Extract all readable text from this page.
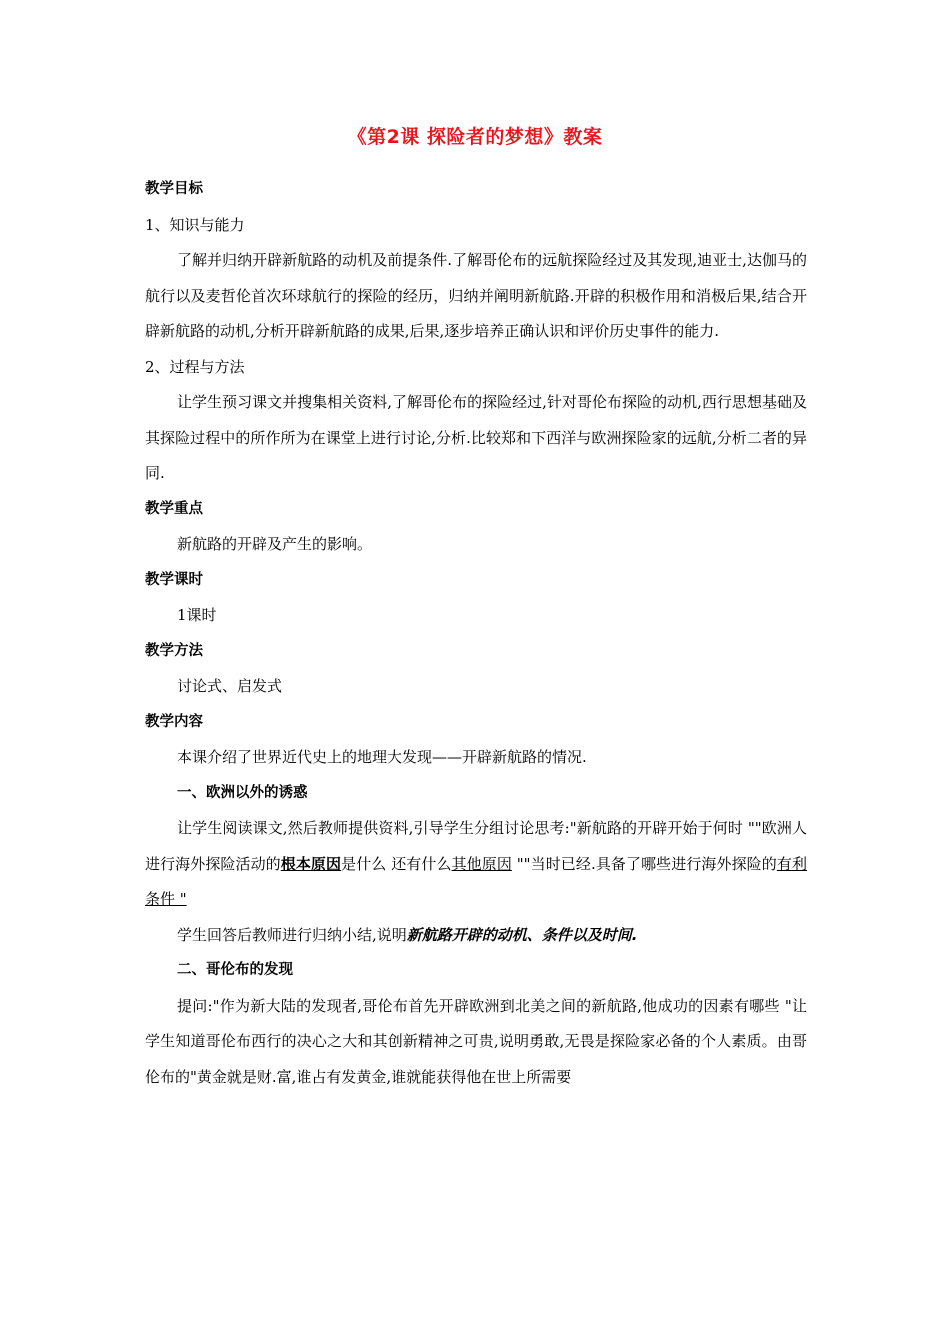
《第2课 探险者的梦想》教案
教学目标
1、知识与能力

了解并归纳开辟新航路的动机及前提条件.了解哥伦布的远航探险经过及其发现,迪亚士,达伽马的航行以及麦哲伦首次环球航行的探险的经历，归纳并阐明新航路.开辟的积极作用和消极后果,结合开辟新航路的动机,分析开辟新航路的成果,后果,逐步培养正确认识和评价历史事件的能力.

2、过程与方法

让学生预习课文并搜集相关资料,了解哥伦布的探险经过,针对哥伦布探险的动机,西行思想基础及其探险过程中的所作所为在课堂上进行讨论,分析.比较郑和下西洋与欧洲探险家的远航,分析二者的异同.

教学重点
新航路的开辟及产生的影响。
教学课时
1课时
教学方法
讨论式、启发式
教学内容

本课介绍了世界近代史上的地理大发现——开辟新航路的情况.

一、欧洲以外的诱惑

让学生阅读课文,然后教师提供资料,引导学生分组讨论思考:"新航路的开辟开始于何时 ""欧洲人进行海外探险活动的根本原因是什么 还有什么其他原因 ""当时已经.具备了哪些进行海外探险的有利条件 "

学生回答后教师进行归纳小结,说明新航路开辟的动机、条件以及时间.

二、哥伦布的发现

提问:"作为新大陆的发现者,哥伦布首先开辟欧洲到北美之间的新航路,他成功的因素有哪些 "让学生知道哥伦布西行的决心之大和其创新精神之可贵,说明勇敢,无畏是探险家必备的个人素质。由哥伦布的"黄金就是财.富,谁占有发黄金,谁就能获得他在世上所需要
